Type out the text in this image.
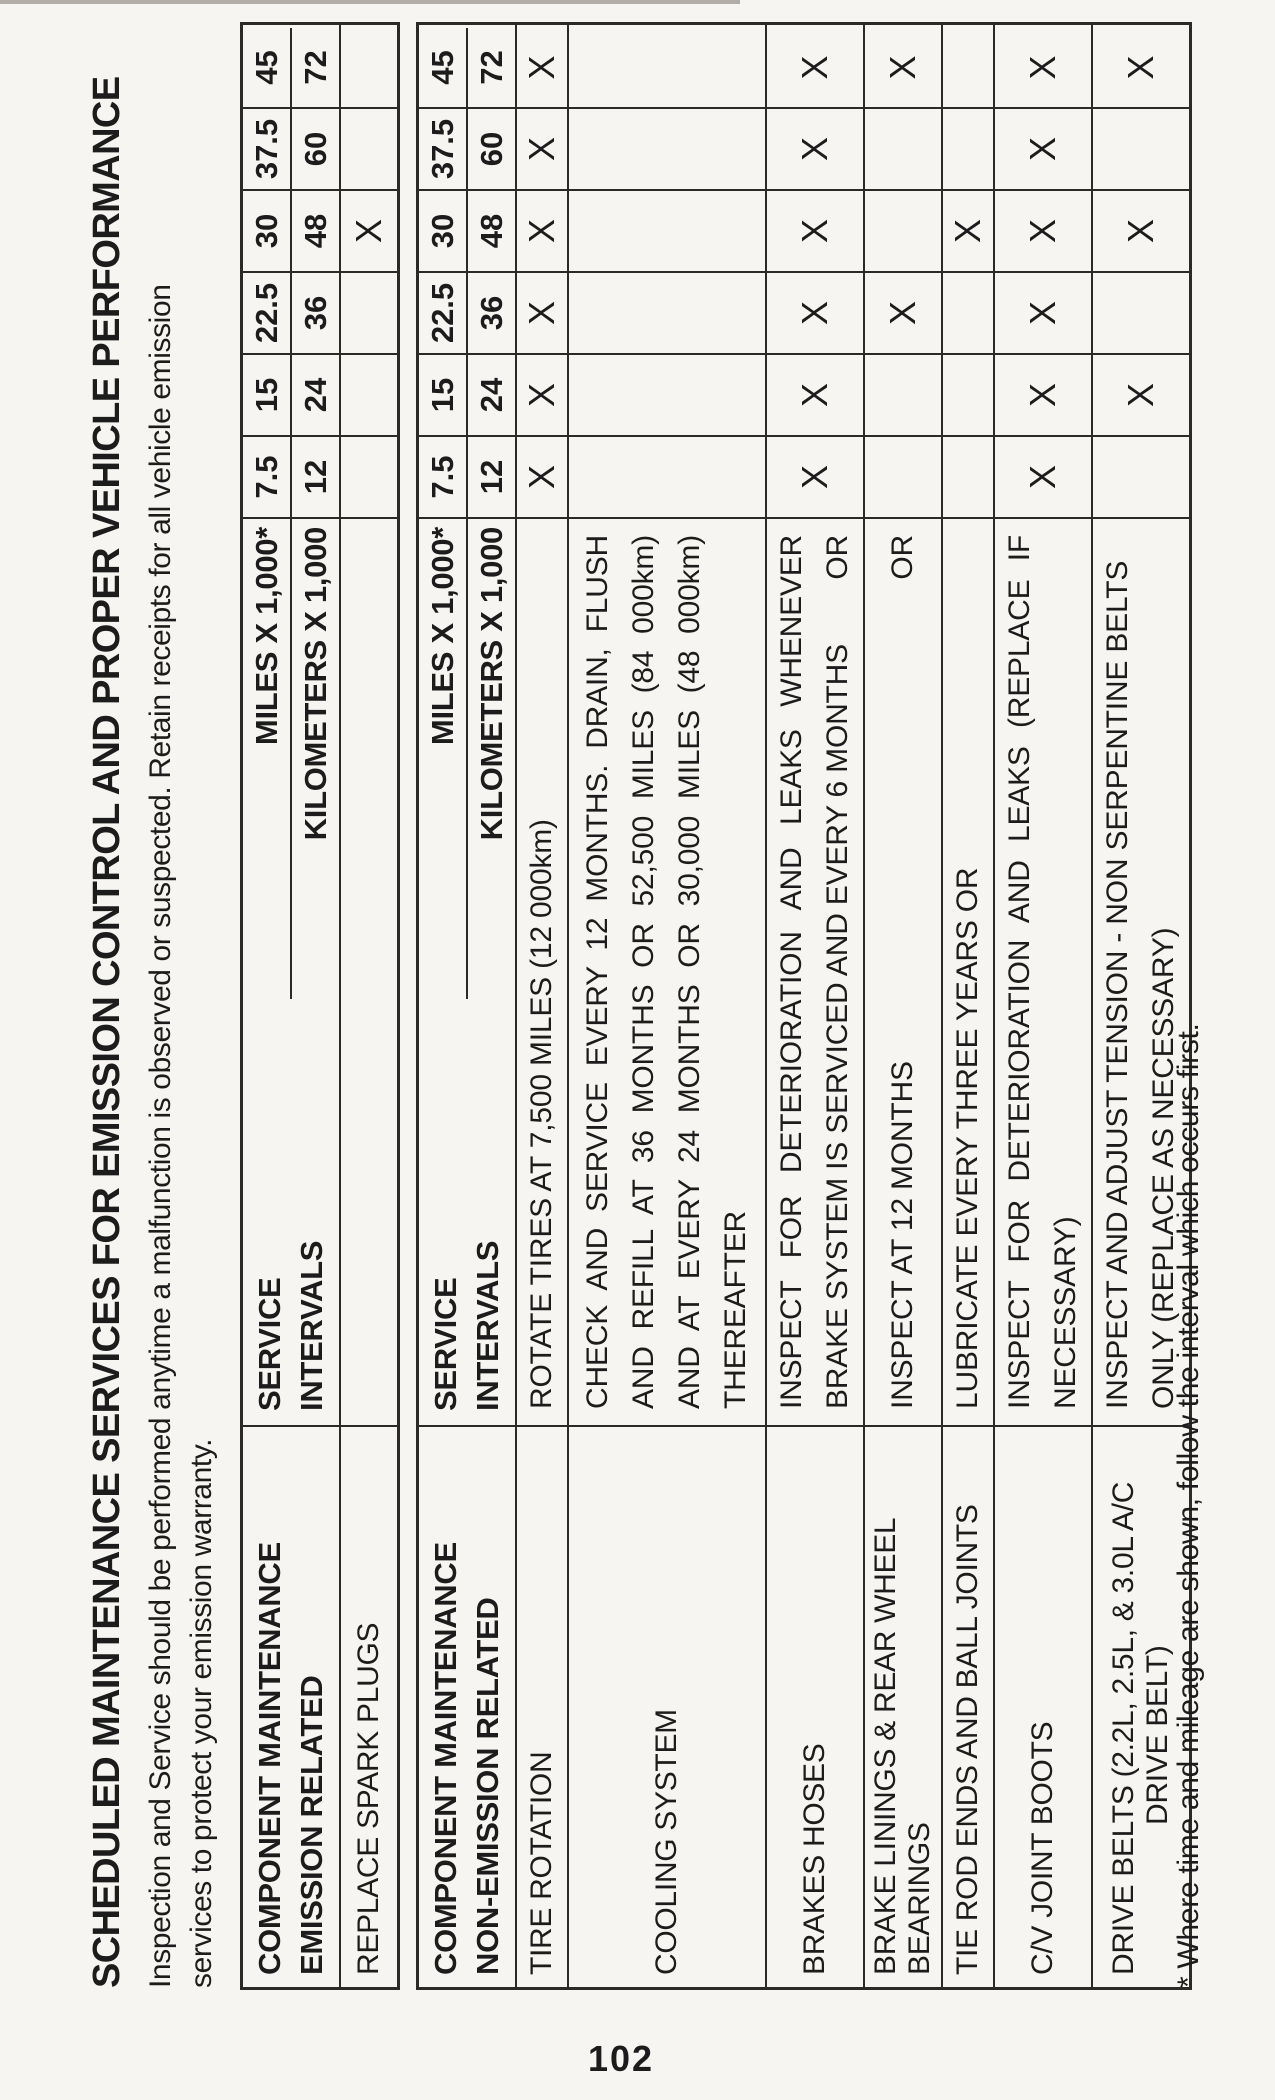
SCHEDULED MAINTENANCE SERVICES FOR EMISSION CONTROL AND PROPER VEHICLE PERFORMANCE Inspection and Service should be performed anytime a malfunction is observed or suspected. Retain receipts for all vehicle emission services to protect your emission warranty. COMPONENT MAINTENANCE EMISSION RELATED
SERVICE INTERVALS
MILES X 1,000* KILOMETERS X 1,000
7.5 12
15 24
22.5 36
30 48
37.5 60
45 72
REPLACE SPARK PLUGS
X
COMPONENT MAINTENANCE NON-EMISSION RELATED
SERVICE INTERVALS
MILES X 1,000* KILOMETERS X 1,000
7.5 12
15 24
22.5 36
30 48
37.5 60
45 72
TIRE ROTATION
ROTATE TIRES AT 7,500 MILES (12 000km)
X
X
X
X
X
X
COOLING SYSTEM
CHECK AND SERVICE EVERY 12 MONTHS. DRAIN, FLUSH AND REFILL AT 36 MONTHS OR 52,500 MILES (84 000km) AND AT EVERY 24 MONTHS OR 30,000 MILES (48 000km) THEREAFTER
BRAKES HOSES
INSPECT FOR DETERIORATION AND LEAKS WHENEVER BRAKE SYSTEM IS SERVICED AND EVERY 6 MONTHS
OR
X
X
X
X
X
X
BRAKE LININGS & REAR WHEEL BEARINGS
INSPECT AT 12 MONTHS
OR
X
X
TIE ROD ENDS AND BALL JOINTS
LUBRICATE EVERY THREE YEARS OR
X
C/V JOINT BOOTS
INSPECT FOR DETERIORATION AND LEAKS (REPLACE IF NECESSARY)
X
X
X
X
X
X
DRIVE BELTS (2.2L, 2.5L, & 3.0L A/C DRIVE BELT)
INSPECT AND ADJUST TENSION - NON SERPENTINE BELTS ONLY (REPLACE AS NECESSARY)
X
X
X
* Where time and mileage are shown, follow the interval which occurs first.
102
